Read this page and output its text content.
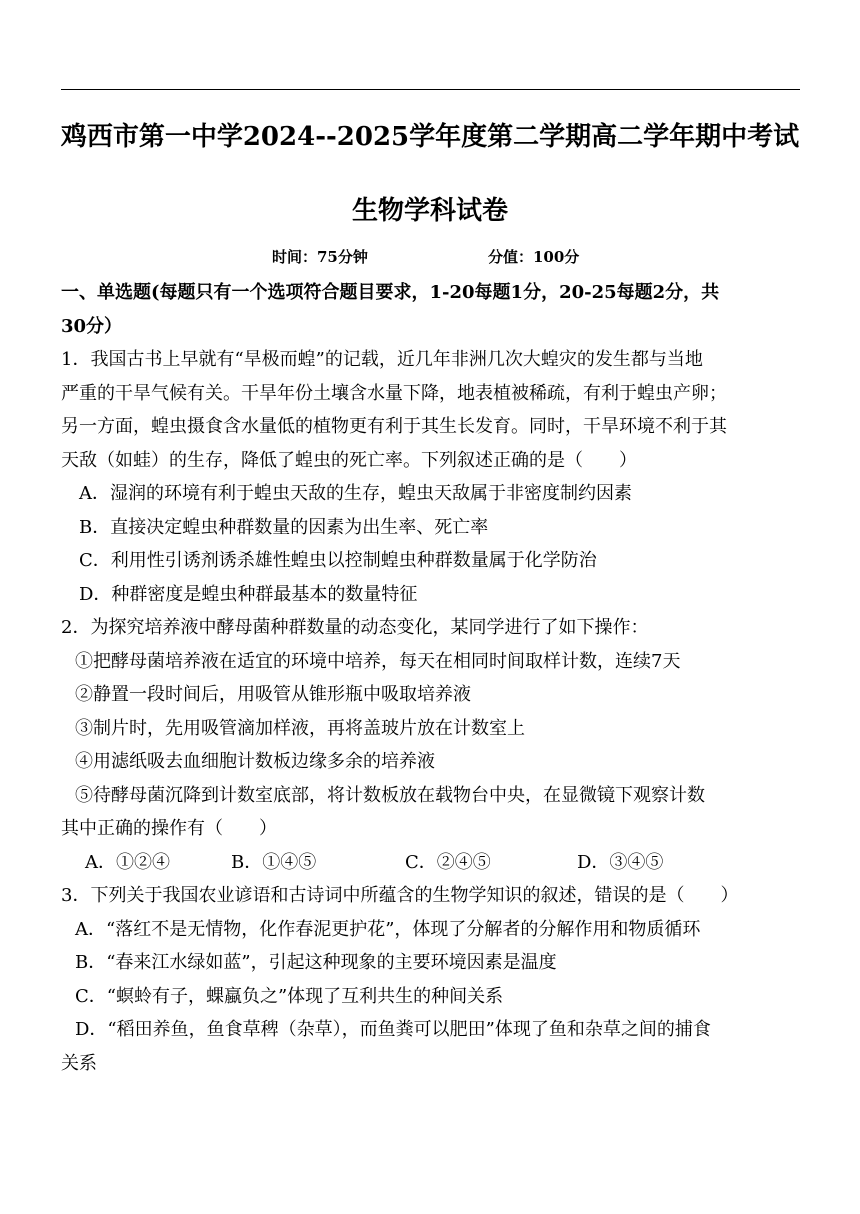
鸡西市第一中学2024--2025学年度第二学期高二学年期中考试
生物学科试卷
时间：75分钟	分值：100分
一、单选题(每题只有一个选项符合题目要求，1-20每题1分，20-25每题2分，共
30分）
1．我国古书上早就有“旱极而蝗”的记载，近几年非洲几次大蝗灾的发生都与当地
严重的干旱气候有关。干旱年份土壤含水量下降，地表植被稀疏，有利于蝗虫产卵；
另一方面，蝗虫摄食含水量低的植物更有利于其生长发育。同时，干旱环境不利于其
天敌（如蛙）的生存，降低了蝗虫的死亡率。下列叙述正确的是（　　）
A．湿润的环境有利于蝗虫天敌的生存，蝗虫天敌属于非密度制约因素
B．直接决定蝗虫种群数量的因素为出生率、死亡率
C．利用性引诱剂诱杀雄性蝗虫以控制蝗虫种群数量属于化学防治
D．种群密度是蝗虫种群最基本的数量特征
2．为探究培养液中酵母菌种群数量的动态变化，某同学进行了如下操作：
①把酵母菌培养液在适宜的环境中培养，每天在相同时间取样计数，连续7天
②静置一段时间后，用吸管从锥形瓶中吸取培养液
③制片时，先用吸管滴加样液，再将盖玻片放在计数室上
④用滤纸吸去血细胞计数板边缘多余的培养液
⑤待酵母菌沉降到计数室底部，将计数板放在载物台中央，在显微镜下观察计数
其中正确的操作有（　　）
A．①②④	B．①④⑤	C．②④⑤	D．③④⑤
3．下列关于我国农业谚语和古诗词中所蕴含的生物学知识的叙述，错误的是（　　）
A．“落红不是无情物，化作春泥更护花”，体现了分解者的分解作用和物质循环
B．“春来江水绿如蓝”，引起这种现象的主要环境因素是温度
C．“螟蛉有子，蜾蠃负之”体现了互利共生的种间关系
D．“稻田养鱼，鱼食草稗（杂草），而鱼粪可以肥田”体现了鱼和杂草之间的捕食
关系
